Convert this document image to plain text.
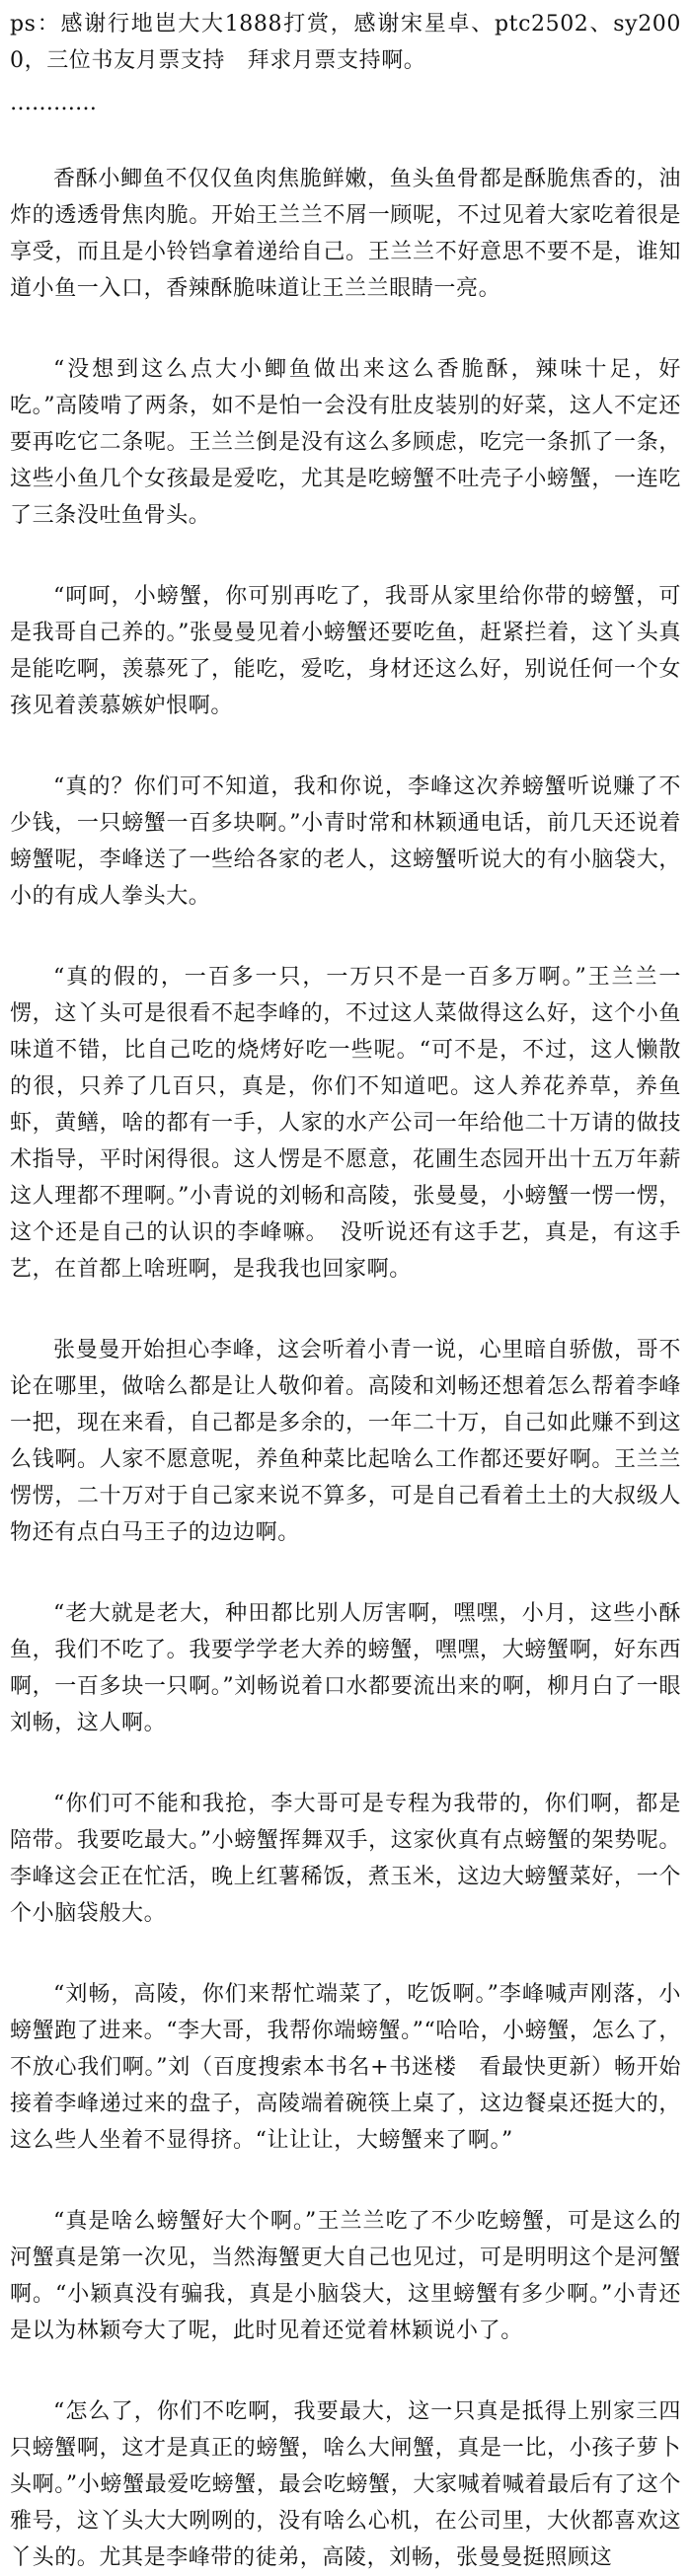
ps：感谢行地岜大大1888打赏，感谢宋星卓、ptc2502、sy2000，三位书友月票支持　拜求月票支持啊。

…………

香酥小鲫鱼不仅仅鱼肉焦脆鲜嫩，鱼头鱼骨都是酥脆焦香的，油炸的透透骨焦肉脆。开始王兰兰不屑一顾呢，不过见着大家吃着很是享受，而且是小铃铛拿着递给自己。王兰兰不好意思不要不是，谁知道小鱼一入口，香辣酥脆味道让王兰兰眼睛一亮。

“没想到这么点大小鲫鱼做出来这么香脆酥，辣味十足，好吃。”高陵啃了两条，如不是怕一会没有肚皮装别的好菜，这人不定还要再吃它二条呢。王兰兰倒是没有这么多顾虑，吃完一条抓了一条，这些小鱼几个女孩最是爱吃，尤其是吃螃蟹不吐壳子小螃蟹，一连吃了三条没吐鱼骨头。

“呵呵，小螃蟹，你可别再吃了，我哥从家里给你带的螃蟹，可是我哥自己养的。”张曼曼见着小螃蟹还要吃鱼，赶紧拦着，这丫头真是能吃啊，羡慕死了，能吃，爱吃，身材还这么好，别说任何一个女孩见着羡慕嫉妒恨啊。

“真的？你们可不知道，我和你说，李峰这次养螃蟹听说赚了不少钱，一只螃蟹一百多块啊。”小青时常和林颖通电话，前几天还说着螃蟹呢，李峰送了一些给各家的老人，这螃蟹听说大的有小脑袋大，小的有成人拳头大。

“真的假的，一百多一只，一万只不是一百多万啊。”王兰兰一愣，这丫头可是很看不起李峰的，不过这人菜做得这么好，这个小鱼味道不错，比自己吃的烧烤好吃一些呢。“可不是，不过，这人懒散的很，只养了几百只，真是，你们不知道吧。这人养花养草，养鱼虾，黄鳝，啥的都有一手，人家的水产公司一年给他二十万请的做技术指导，平时闲得很。这人愣是不愿意，花圃生态园开出十五万年薪这人理都不理啊。”小青说的刘畅和高陵，张曼曼，小螃蟹一愣一愣，这个还是自己的认识的李峰嘛。　没听说还有这手艺，真是，有这手艺，在首都上啥班啊，是我我也回家啊。

张曼曼开始担心李峰，这会听着小青一说，心里暗自骄傲，哥不论在哪里，做啥么都是让人敬仰着。高陵和刘畅还想着怎么帮着李峰一把，现在来看，自己都是多余的，一年二十万，自己如此赚不到这么钱啊。人家不愿意呢，养鱼种菜比起啥么工作都还要好啊。王兰兰愣愣，二十万对于自己家来说不算多，可是自己看着土土的大叔级人物还有点白马王子的边边啊。

“老大就是老大，种田都比别人厉害啊，嘿嘿，小月，这些小酥鱼，我们不吃了。我要学学老大养的螃蟹，嘿嘿，大螃蟹啊，好东西啊，一百多块一只啊。”刘畅说着口水都要流出来的啊，柳月白了一眼刘畅，这人啊。

“你们可不能和我抢，李大哥可是专程为我带的，你们啊，都是陪带。我要吃最大。”小螃蟹挥舞双手，这家伙真有点螃蟹的架势呢。李峰这会正在忙活，晚上红薯稀饭，煮玉米，这边大螃蟹菜好，一个个小脑袋般大。

“刘畅，高陵，你们来帮忙端菜了，吃饭啊。”李峰喊声刚落，小螃蟹跑了进来。“李大哥，我帮你端螃蟹。”“哈哈，小螃蟹，怎么了，不放心我们啊。”刘（百度搜索本书名+书迷楼　看最快更新）畅开始接着李峰递过来的盘子，高陵端着碗筷上桌了，这边餐桌还挺大的，这么些人坐着不显得挤。“让让让，大螃蟹来了啊。”

“真是啥么螃蟹好大个啊。”王兰兰吃了不少吃螃蟹，可是这么的河蟹真是第一次见，当然海蟹更大自己也见过，可是明明这个是河蟹啊。“小颖真没有骗我，真是小脑袋大，这里螃蟹有多少啊。”小青还是以为林颖夸大了呢，此时见着还觉着林颖说小了。

“怎么了，你们不吃啊，我要最大，这一只真是抵得上别家三四只螃蟹啊，这才是真正的螃蟹，啥么大闸蟹，真是一比，小孩子萝卜头啊。”小螃蟹最爱吃螃蟹，最会吃螃蟹，大家喊着喊着最后有了这个雅号，这丫头大大咧咧的，没有啥么心机，在公司里，大伙都喜欢这丫头的。尤其是李峰带的徒弟，高陵，刘畅，张曼曼挺照顾这
